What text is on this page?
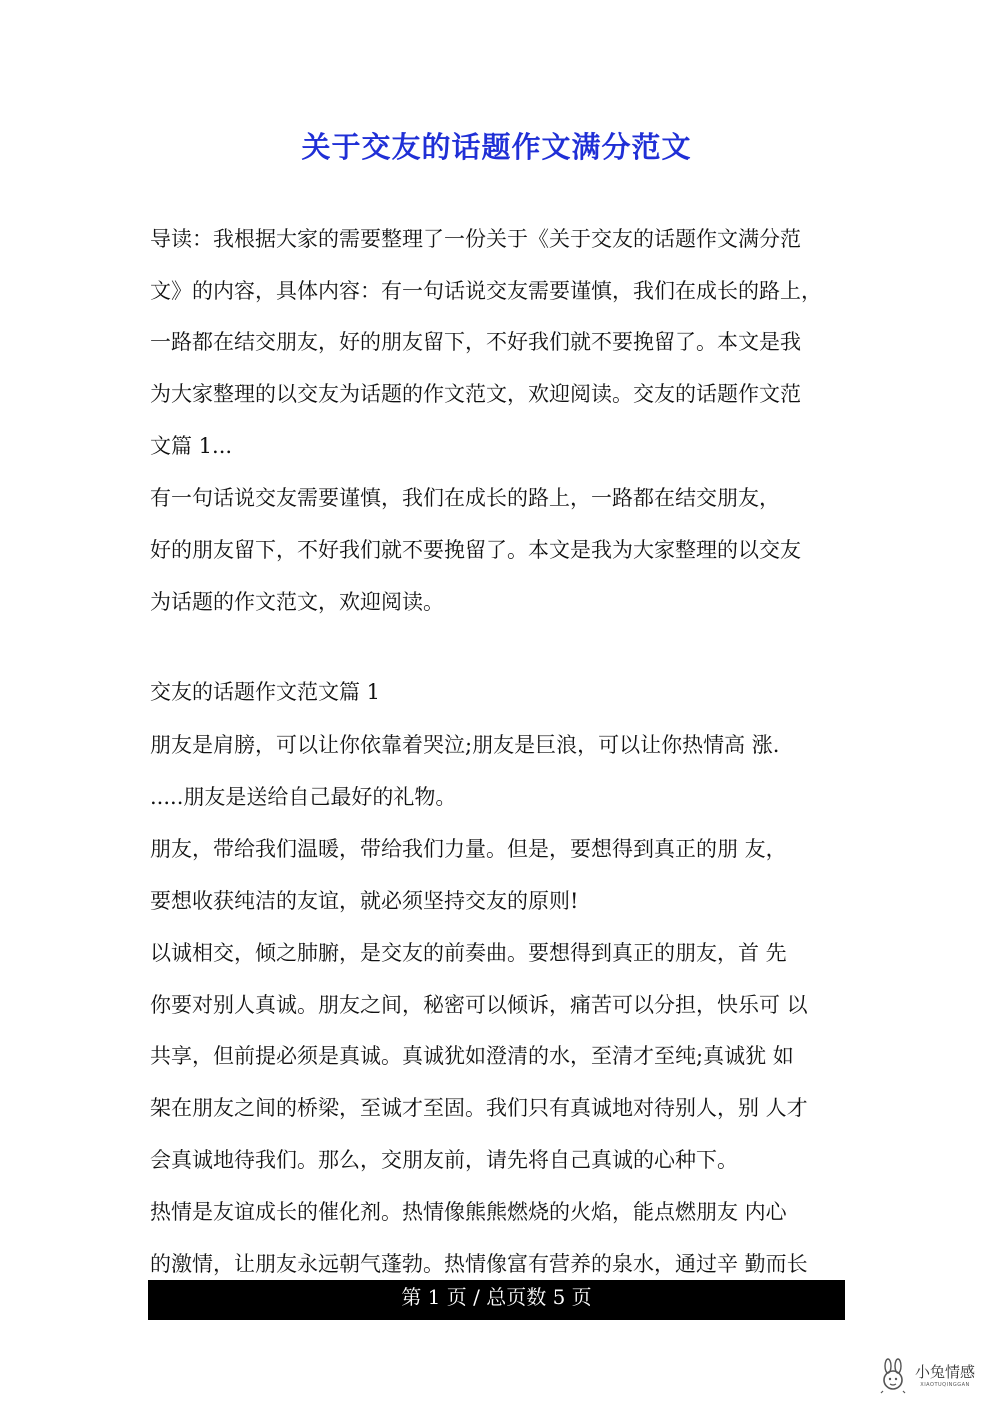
关于交友的话题作文满分范文
导读：我根据大家的需要整理了一份关于《关于交友的话题作文满分范
文》的内容，具体内容：有一句话说交友需要谨慎，我们在成长的路上，
一路都在结交朋友，好的朋友留下，不好我们就不要挽留了。本文是我
为大家整理的以交友为话题的作文范文，欢迎阅读。交友的话题作文范
文篇 1...
有一句话说交友需要谨慎，我们在成长的路上，一路都在结交朋友，
好的朋友留下，不好我们就不要挽留了。本文是我为大家整理的以交友
为话题的作文范文，欢迎阅读。
交友的话题作文范文篇 1
朋友是肩膀，可以让你依靠着哭泣;朋友是巨浪，可以让你热情高 涨.
.....朋友是送给自己最好的礼物。
朋友，带给我们温暖，带给我们力量。但是，要想得到真正的朋 友，
要想收获纯洁的友谊，就必须坚持交友的原则!
以诚相交，倾之肺腑，是交友的前奏曲。要想得到真正的朋友，首 先
你要对别人真诚。朋友之间，秘密可以倾诉，痛苦可以分担，快乐可 以
共享，但前提必须是真诚。真诚犹如澄清的水，至清才至纯;真诚犹 如
架在朋友之间的桥梁，至诚才至固。我们只有真诚地对待别人，别 人才
会真诚地待我们。那么，交朋友前，请先将自己真诚的心种下。
热情是友谊成长的催化剂。热情像熊熊燃烧的火焰，能点燃朋友 内心
的激情，让朋友永远朝气蓬勃。热情像富有营养的泉水，通过辛 勤而长
第 1 页 / 总页数 5 页
小兔情感
XIAOTUQINGGAN
